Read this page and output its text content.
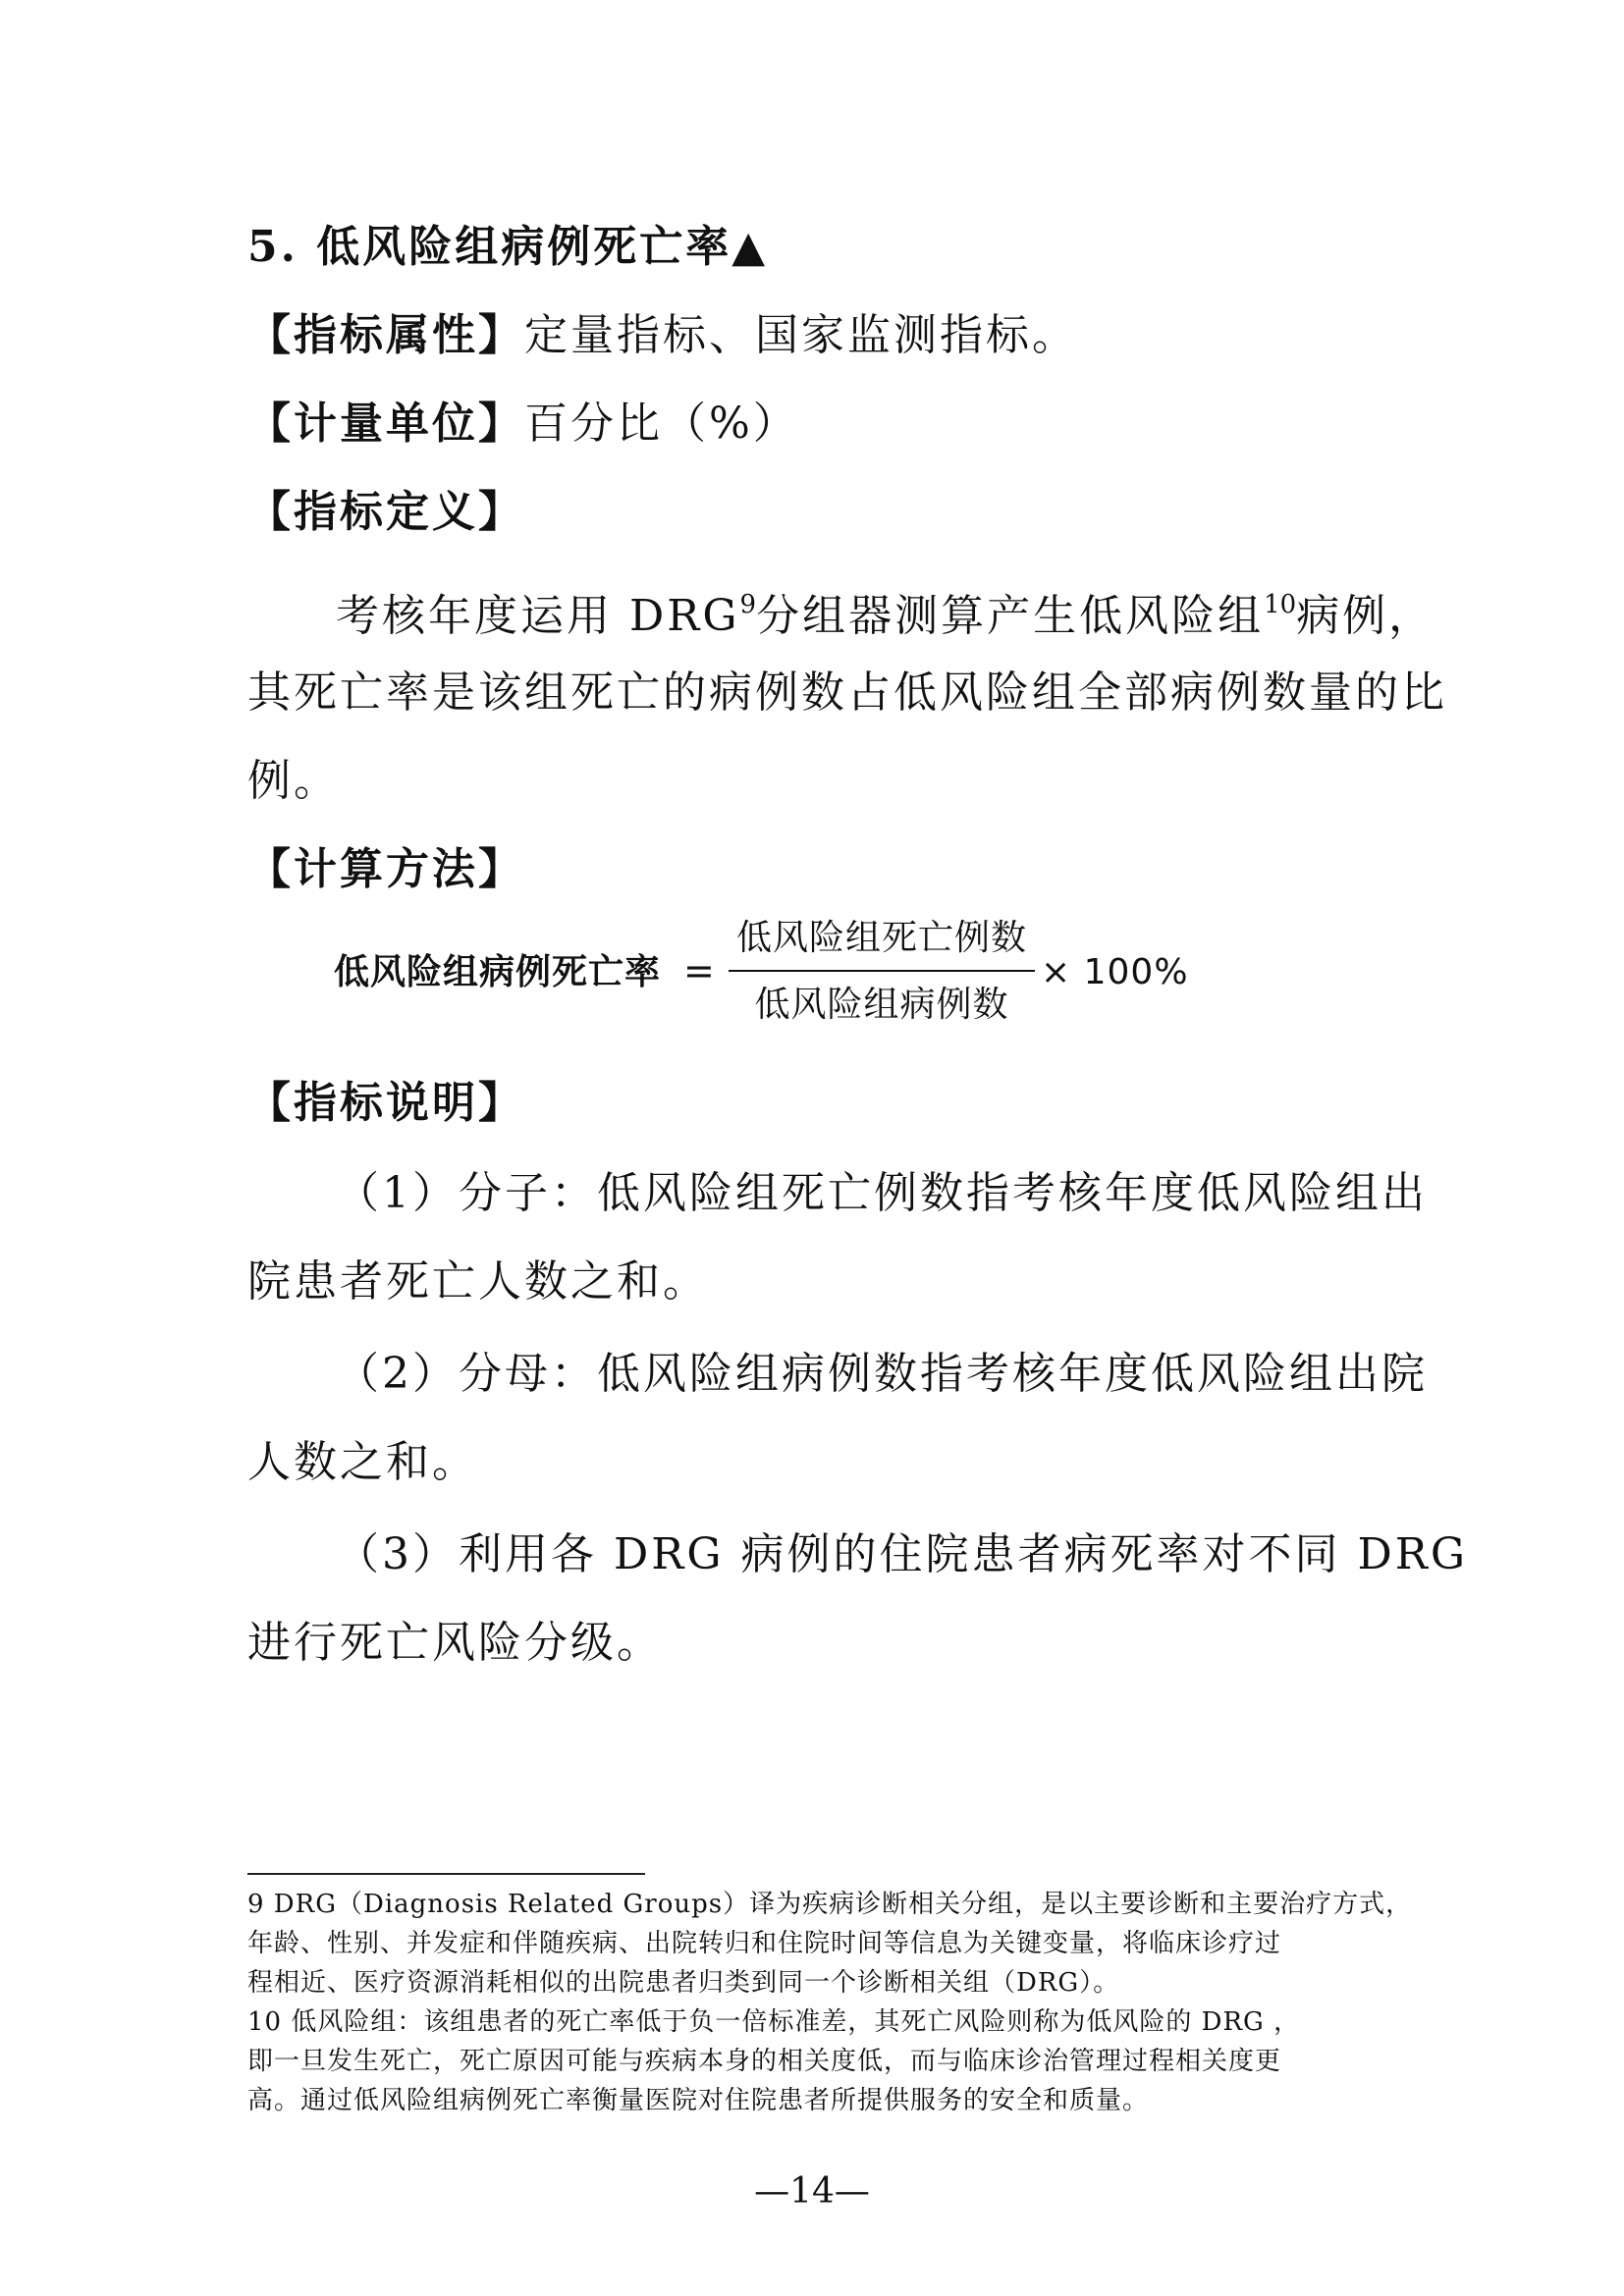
5. 低风险组病例死亡率▲
【指标属性】定量指标、国家监测指标。
【计量单位】百分比（%）
【指标定义】
考核年度运用 DRG$^9$分组器测算产生低风险组$^{10}$病例，
其死亡率是该组死亡的病例数占低风险组全部病例数量的比
例。
【计算方法】
低风险组病例死亡率 =
低风险组死亡例数
低风险组病例数
× 100%
【指标说明】
（1）分子：低风险组死亡例数指考核年度低风险组出
院患者死亡人数之和。
（2）分母：低风险组病例数指考核年度低风险组出院
人数之和。
（3）利用各 DRG 病例的住院患者病死率对不同 DRG
进行死亡风险分级。
9 DRG（Diagnosis Related Groups）译为疾病诊断相关分组，是以主要诊断和主要治疗方式，
年龄、性别、并发症和伴随疾病、出院转归和住院时间等信息为关键变量，将临床诊疗过
程相近、医疗资源消耗相似的出院患者归类到同一个诊断相关组（DRG）。
10 低风险组：该组患者的死亡率低于负一倍标准差，其死亡风险则称为低风险的 DRG ，
即一旦发生死亡，死亡原因可能与疾病本身的相关度低，而与临床诊治管理过程相关度更
高。通过低风险组病例死亡率衡量医院对住院患者所提供服务的安全和质量。
—14—
